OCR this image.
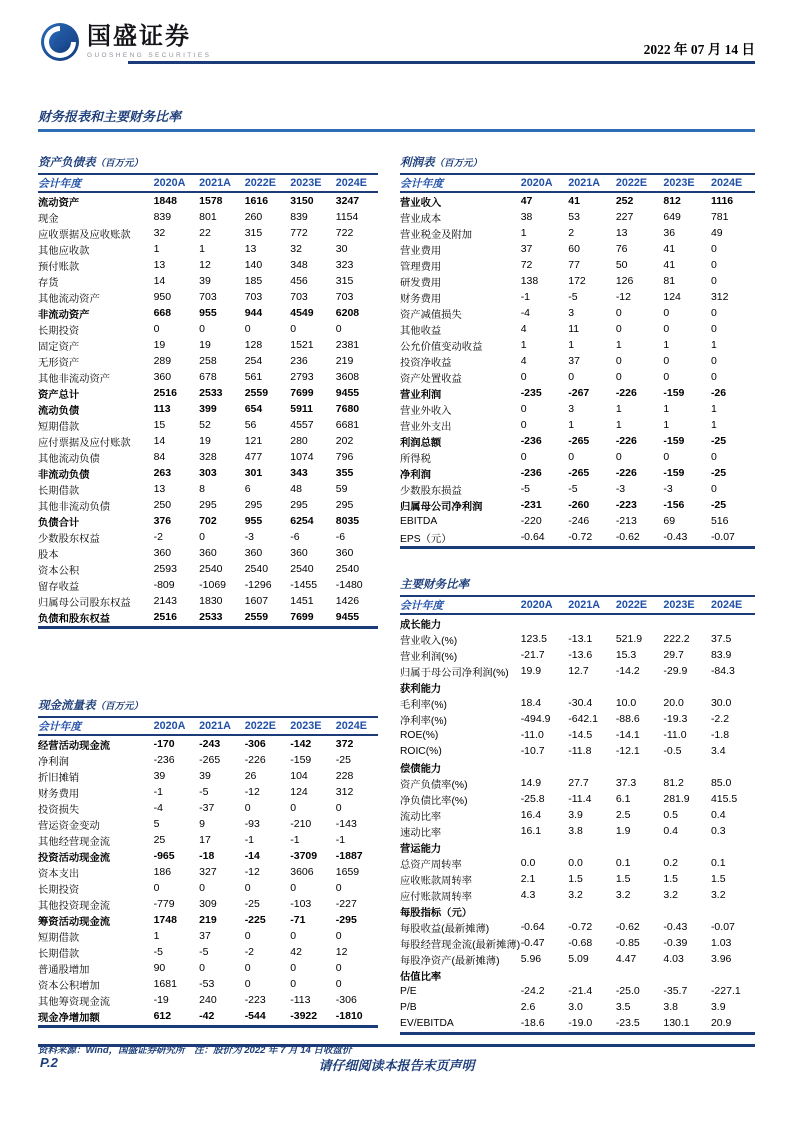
国盛证券
GUOSHENG SECURITIES	2022 年 07 月 14 日
财务报表和主要财务比率
资产负债表（百万元）
会计年度	2020A	2021A	2022E	2023E	2024E
流动资产	1848	1578	1616	3150	3247
现金	839	801	260	839	1154
应收票据及应收账款	32	22	315	772	722
其他应收款	1	1	13	32	30
预付账款	13	12	140	348	323
存货	14	39	185	456	315
其他流动资产	950	703	703	703	703
非流动资产	668	955	944	4549	6208
长期投资	0	0	0	0	0
固定资产	19	19	128	1521	2381
无形资产	289	258	254	236	219
其他非流动资产	360	678	561	2793	3608
资产总计	2516	2533	2559	7699	9455
流动负债	113	399	654	5911	7680
短期借款	15	52	56	4557	6681
应付票据及应付账款	14	19	121	280	202
其他流动负债	84	328	477	1074	796
非流动负债	263	303	301	343	355
长期借款	13	8	6	48	59
其他非流动负债	250	295	295	295	295
负债合计	376	702	955	6254	8035
少数股东权益	-2	0	-3	-6	-6
股本	360	360	360	360	360
资本公积	2593	2540	2540	2540	2540
留存收益	-809	-1069	-1296	-1455	-1480
归属母公司股东权益	2143	1830	1607	1451	1426
负债和股东权益	2516	2533	2559	7699	9455
现金流量表（百万元）
会计年度	2020A	2021A	2022E	2023E	2024E
经营活动现金流	-170	-243	-306	-142	372
净利润	-236	-265	-226	-159	-25
折旧摊销	39	39	26	104	228
财务费用	-1	-5	-12	124	312
投资损失	-4	-37	0	0	0
营运资金变动	5	9	-93	-210	-143
其他经营现金流	25	17	-1	-1	-1
投资活动现金流	-965	-18	-14	-3709	-1887
资本支出	186	327	-12	3606	1659
长期投资	0	0	0	0	0
其他投资现金流	-779	309	-25	-103	-227
筹资活动现金流	1748	219	-225	-71	-295
短期借款	1	37	0	0	0
长期借款	-5	-5	-2	42	12
普通股增加	90	0	0	0	0
资本公积增加	1681	-53	0	0	0
其他筹资现金流	-19	240	-223	-113	-306
现金净增加额	612	-42	-544	-3922	-1810
利润表（百万元）
会计年度	2020A	2021A	2022E	2023E	2024E
营业收入	47	41	252	812	1116
营业成本	38	53	227	649	781
营业税金及附加	1	2	13	36	49
营业费用	37	60	76	41	0
管理费用	72	77	50	41	0
研发费用	138	172	126	81	0
财务费用	-1	-5	-12	124	312
资产减值损失	-4	3	0	0	0
其他收益	4	11	0	0	0
公允价值变动收益	1	1	1	1	1
投资净收益	4	37	0	0	0
资产处置收益	0	0	0	0	0
营业利润	-235	-267	-226	-159	-26
营业外收入	0	3	1	1	1
营业外支出	0	1	1	1	1
利润总额	-236	-265	-226	-159	-25
所得税	0	0	0	0	0
净利润	-236	-265	-226	-159	-25
少数股东损益	-5	-5	-3	-3	0
归属母公司净利润	-231	-260	-223	-156	-25
EBITDA	-220	-246	-213	69	516
EPS（元）	-0.64	-0.72	-0.62	-0.43	-0.07
主要财务比率
会计年度	2020A	2021A	2022E	2023E	2024E
成长能力
营业收入(%)	123.5	-13.1	521.9	222.2	37.5
营业利润(%)	-21.7	-13.6	15.3	29.7	83.9
归属于母公司净利润(%)	19.9	12.7	-14.2	-29.9	-84.3
获利能力
毛利率(%)	18.4	-30.4	10.0	20.0	30.0
净利率(%)	-494.9	-642.1	-88.6	-19.3	-2.2
ROE(%)	-11.0	-14.5	-14.1	-11.0	-1.8
ROIC(%)	-10.7	-11.8	-12.1	-0.5	3.4
偿债能力
资产负债率(%)	14.9	27.7	37.3	81.2	85.0
净负债比率(%)	-25.8	-11.4	6.1	281.9	415.5
流动比率	16.4	3.9	2.5	0.5	0.4
速动比率	16.1	3.8	1.9	0.4	0.3
营运能力
总资产周转率	0.0	0.0	0.1	0.2	0.1
应收账款周转率	2.1	1.5	1.5	1.5	1.5
应付账款周转率	4.3	3.2	3.2	3.2	3.2
每股指标（元）
每股收益(最新摊薄)	-0.64	-0.72	-0.62	-0.43	-0.07
每股经营现金流(最新摊薄) -0.47	-0.68	-0.85	-0.39	1.03
每股净资产(最新摊薄)	5.96	5.09	4.47	4.03	3.96
估值比率
P/E	-24.2	-21.4	-25.0	-35.7	-227.1
P/B	2.6	3.0	3.5	3.8	3.9
EV/EBITDA	-18.6	-19.0	-23.5	130.1	20.9
资料来源：Wind，国盛证券研究所　注：股价为 2022 年 7 月 14 日收盘价
P.2	请仔细阅读本报告末页声明
